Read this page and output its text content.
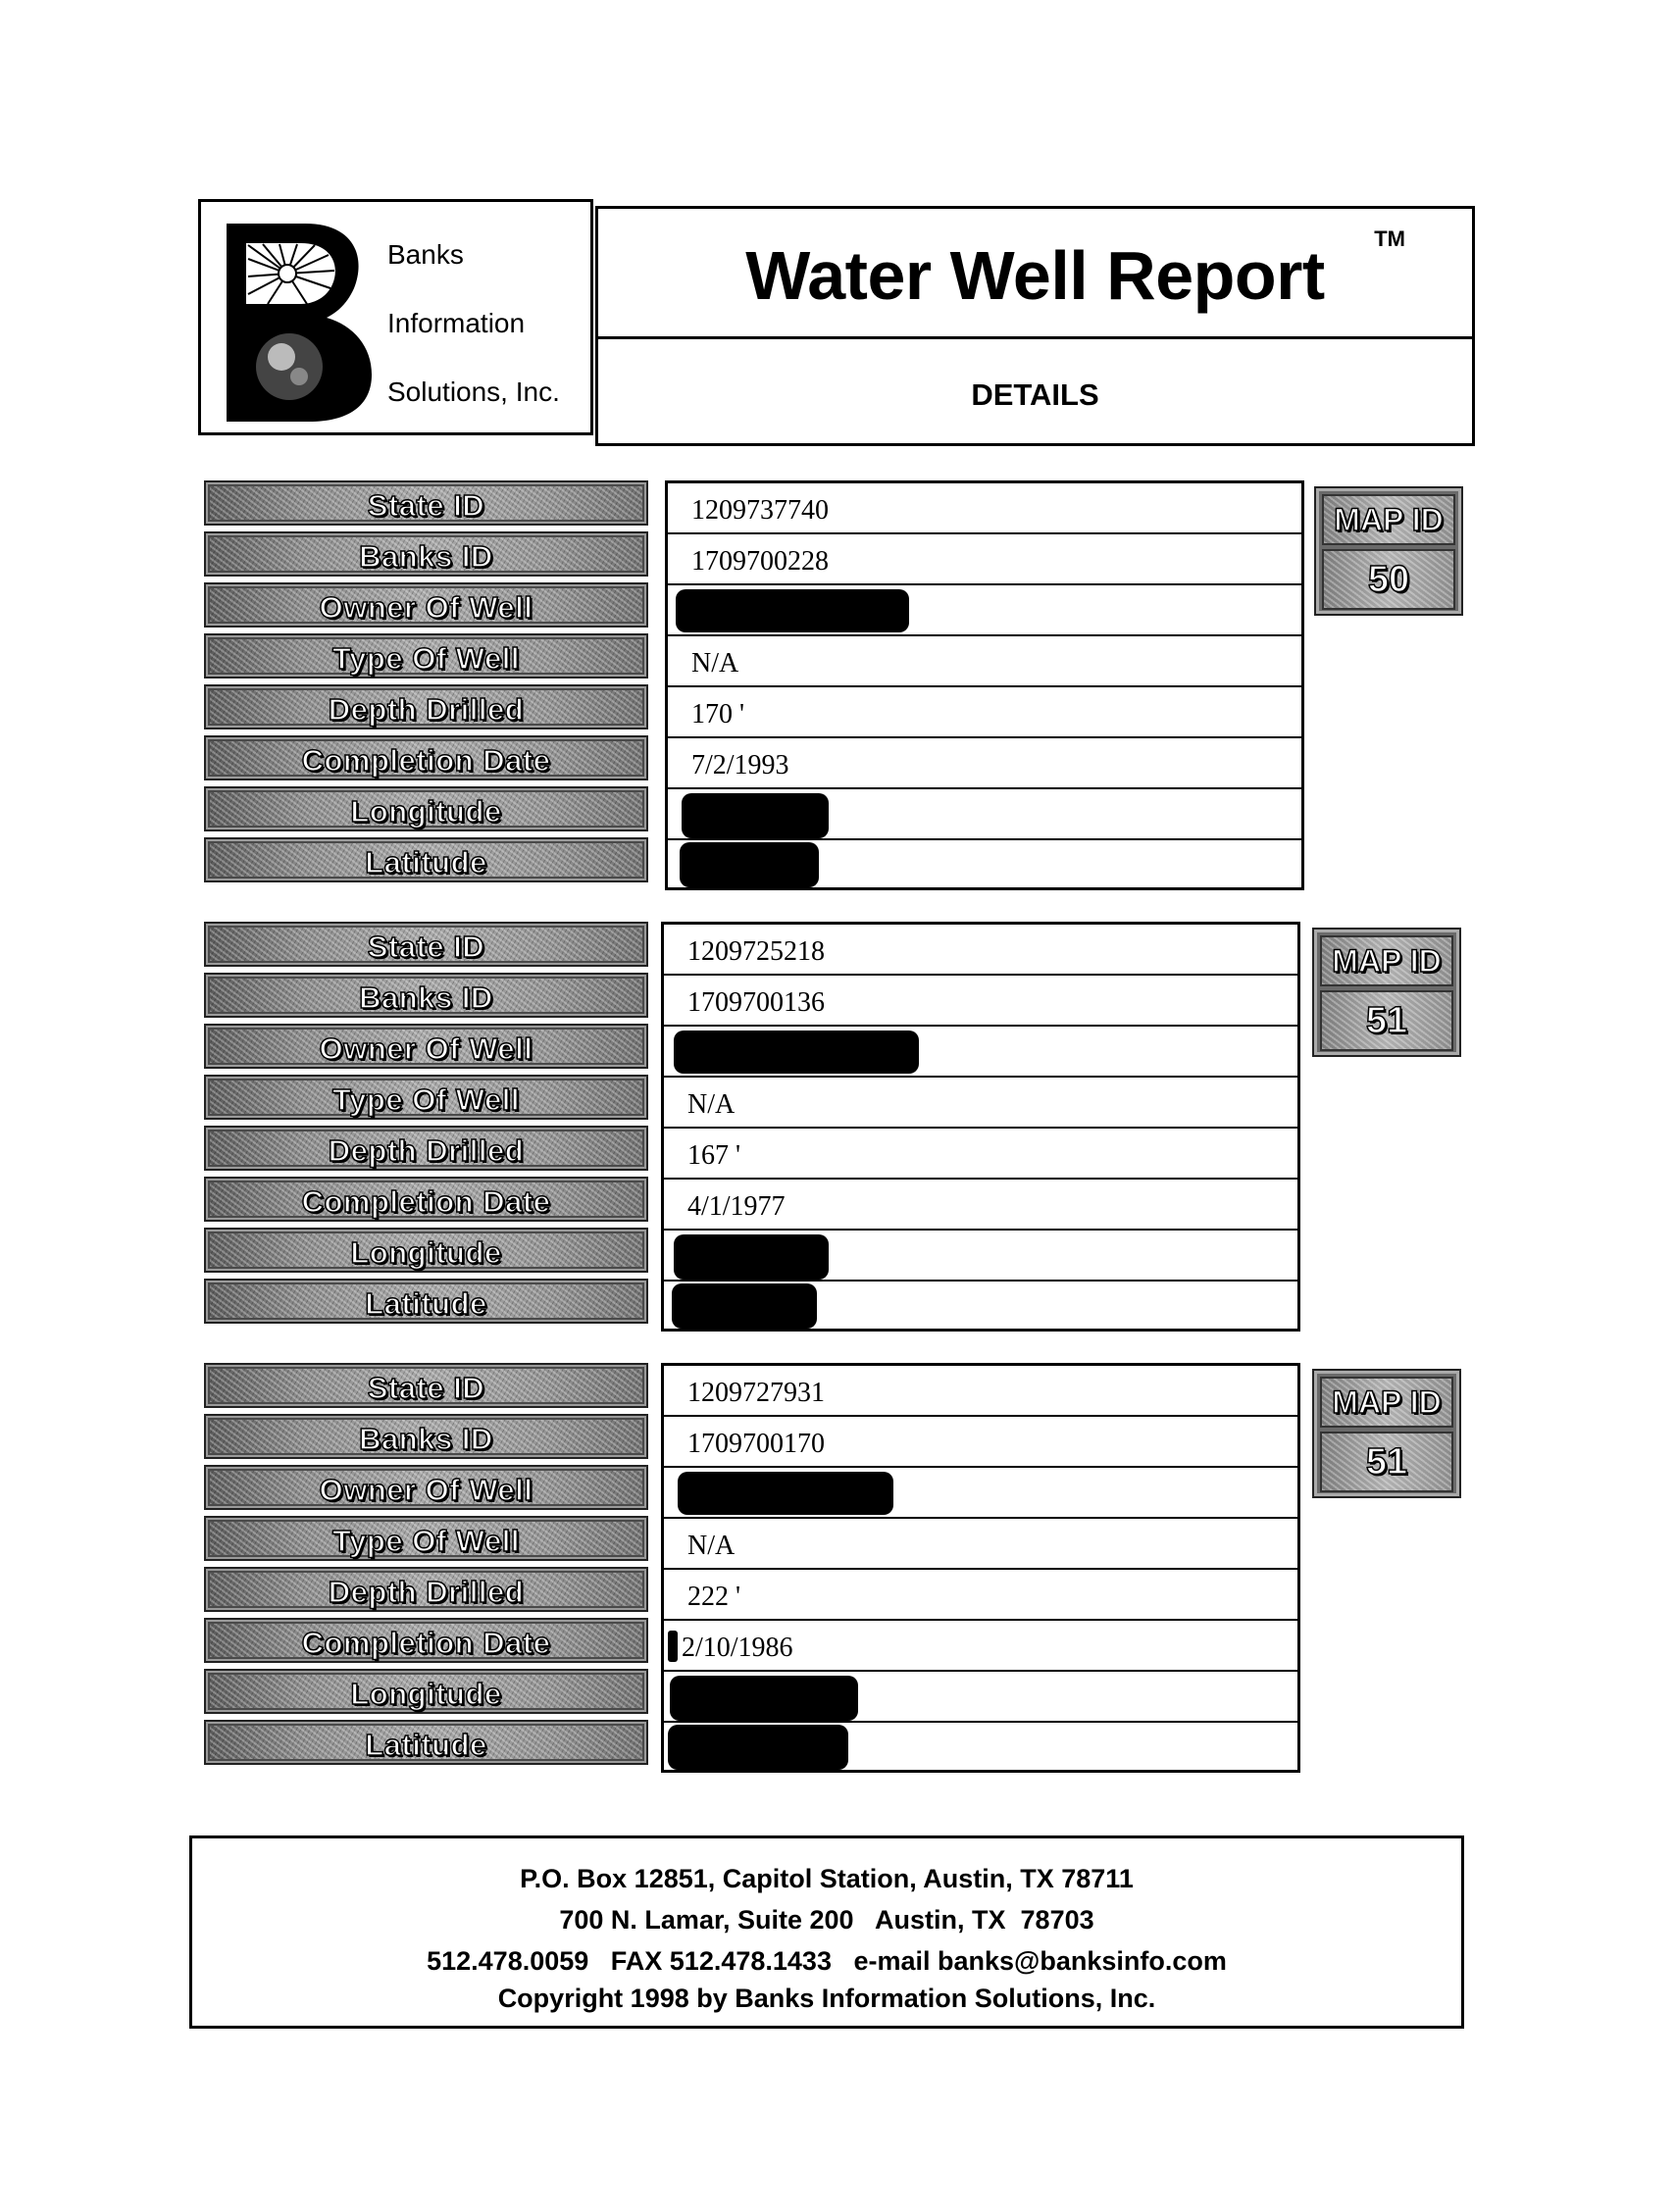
Banks
Information
Solutions, Inc.
Water Well Report	TM
DETAILS
State ID
Banks ID
Owner Of Well
Type Of Well
Depth Drilled
Completion Date
Longitude
Latitude
1209737740
1709700228
N/A
170 '
7/2/1993
MAP ID
50
State ID
Banks ID
Owner Of Well
Type Of Well
Depth Drilled
Completion Date
Longitude
Latitude
1209725218
1709700136
N/A
167 '
4/1/1977
MAP ID
51
State ID
Banks ID
Owner Of Well
Type Of Well
Depth Drilled
Completion Date
Longitude
Latitude
1209727931
1709700170
N/A
222 '
2/10/1986
MAP ID
51
P.O. Box 12851, Capitol Station, Austin, TX 78711
700 N. Lamar, Suite 200   Austin, TX  78703
512.478.0059   FAX 512.478.1433   e-mail banks@banksinfo.com
Copyright 1998 by Banks Information Solutions, Inc.
